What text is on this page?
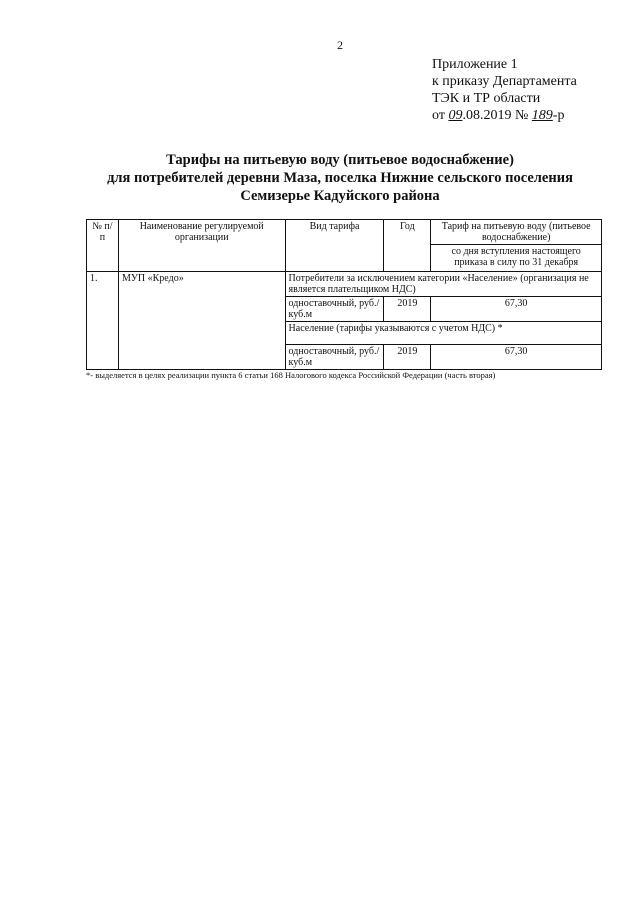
2
Приложение 1
к приказу Департамента
ТЭК и ТР области
от 09.08.2019 № 189-р
Тарифы на питьевую воду (питьевое водоснабжение)
для потребителей деревни Маза, поселка Нижние сельского поселения
Семизерье Кадуйского района
№ п/п	Наименование регулируемой организации	Вид тарифа	Год	Тариф на питьевую воду (питьевое водоснабжение)
				со дня вступления настоящего приказа в силу по 31 декабря
1.	МУП «Кредо»	Потребители за исключением категории «Население» (организация не является плательщиком НДС)		
		одноставочный, руб./куб.м	2019	67,30
		Население (тарифы указываются с учетом НДС) *		
		одноставочный, руб./куб.м	2019	67,30
*- выделяется в целях реализации пункта 6 статьи 168 Налогового кодекса Российской Федерации (часть вторая)
